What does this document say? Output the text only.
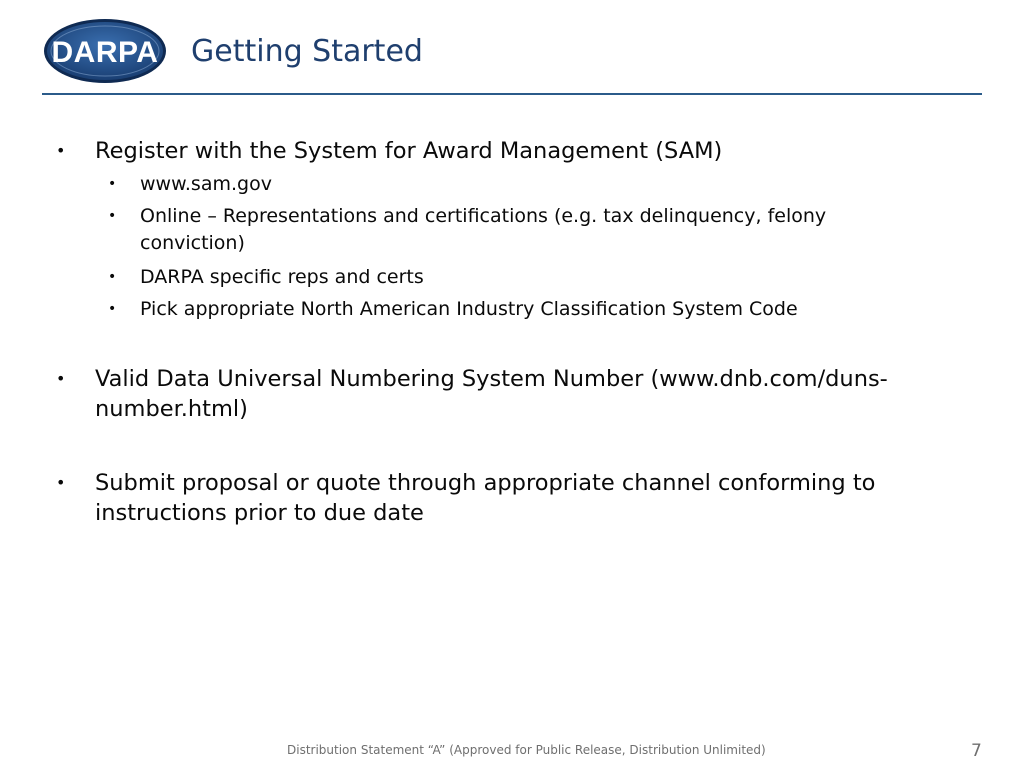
DARPA Getting Started
• Register with the System for Award Management (SAM)
• www.sam.gov
• Online – Representations and certifications (e.g. tax delinquency, felony conviction)
• DARPA specific reps and certs
• Pick appropriate North American Industry Classification System Code
• Valid Data Universal Numbering System Number (www.dnb.com/duns-number.html)
• Submit proposal or quote through appropriate channel conforming to instructions prior to due date
Distribution Statement “A” (Approved for Public Release, Distribution Unlimited)	7
